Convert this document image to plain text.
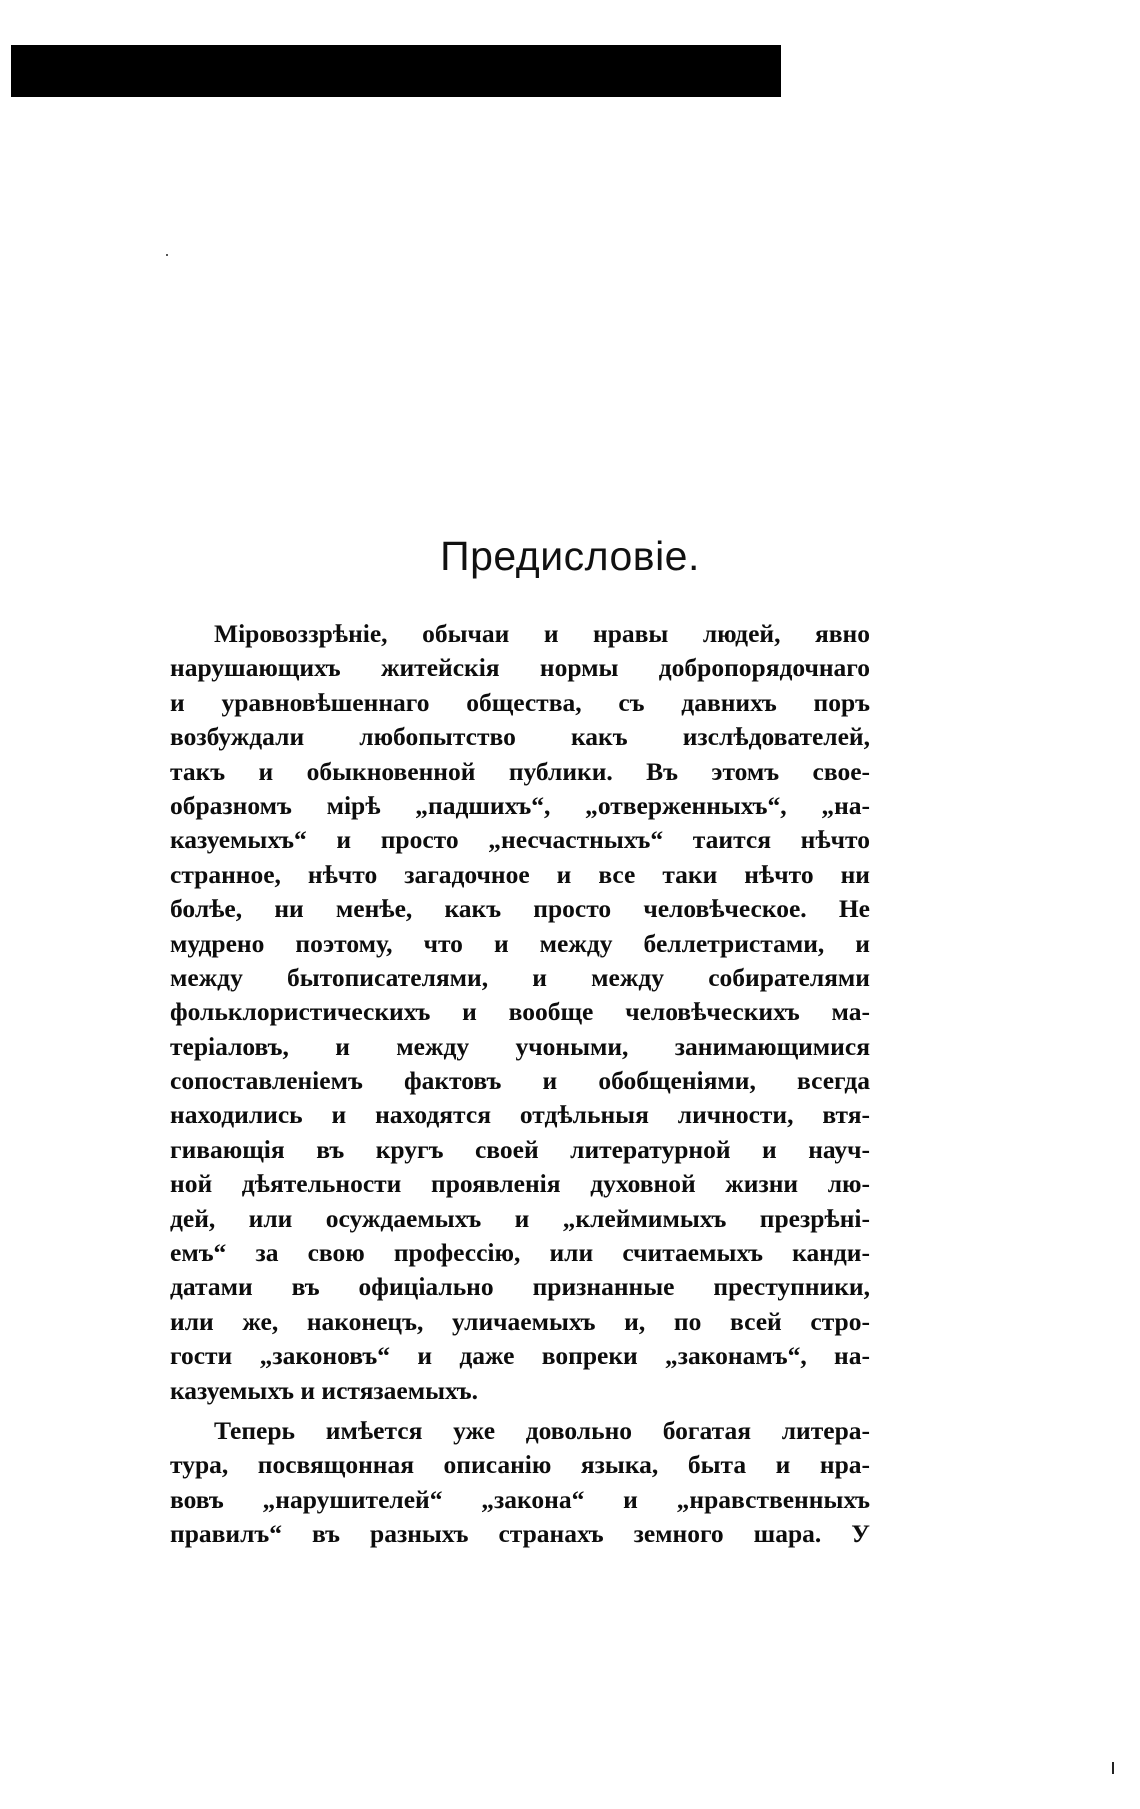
Предисловіе.
Міровоззрѣніе, обычаи и нравы людей, явно
нарушающихъ житейскія нормы добропорядочнаго
и уравновѣшеннаго общества, съ давнихъ поръ
возбуждали любопытство какъ изслѣдователей,
такъ и обыкновенной публики. Въ этомъ свое-
образномъ мірѣ „падшихъ“, „отверженныхъ“, „на-
казуемыхъ“ и просто „несчастныхъ“ таится нѣчто
странное, нѣчто загадочное и все таки нѣчто ни
болѣе, ни менѣе, какъ просто человѣческое. Не
мудрено поэтому, что и между беллетристами, и
между бытописателями, и между собирателями
фольклористическихъ и вообще человѣческихъ ма-
теріаловъ, и между учоными, занимающимися
сопоставленіемъ фактовъ и обобщеніями, всегда
находились и находятся отдѣльныя личности, втя-
гивающія въ кругъ своей литературной и науч-
ной дѣятельности проявленія духовной жизни лю-
дей, или осуждаемыхъ и „клеймимыхъ презрѣні-
емъ“ за свою профессію, или считаемыхъ канди-
датами въ офиціально признанные преступники,
или же, наконецъ, уличаемыхъ и, по всей стро-
гости „законовъ“ и даже вопреки „законамъ“, на-
казуемыхъ и истязаемыхъ.
Теперь имѣется уже довольно богатая литера-
тура, посвящонная описанію языка, быта и нра-
вовъ „нарушителей“ „закона“ и „нравственныхъ
правилъ“ въ разныхъ странахъ земного шара. У
